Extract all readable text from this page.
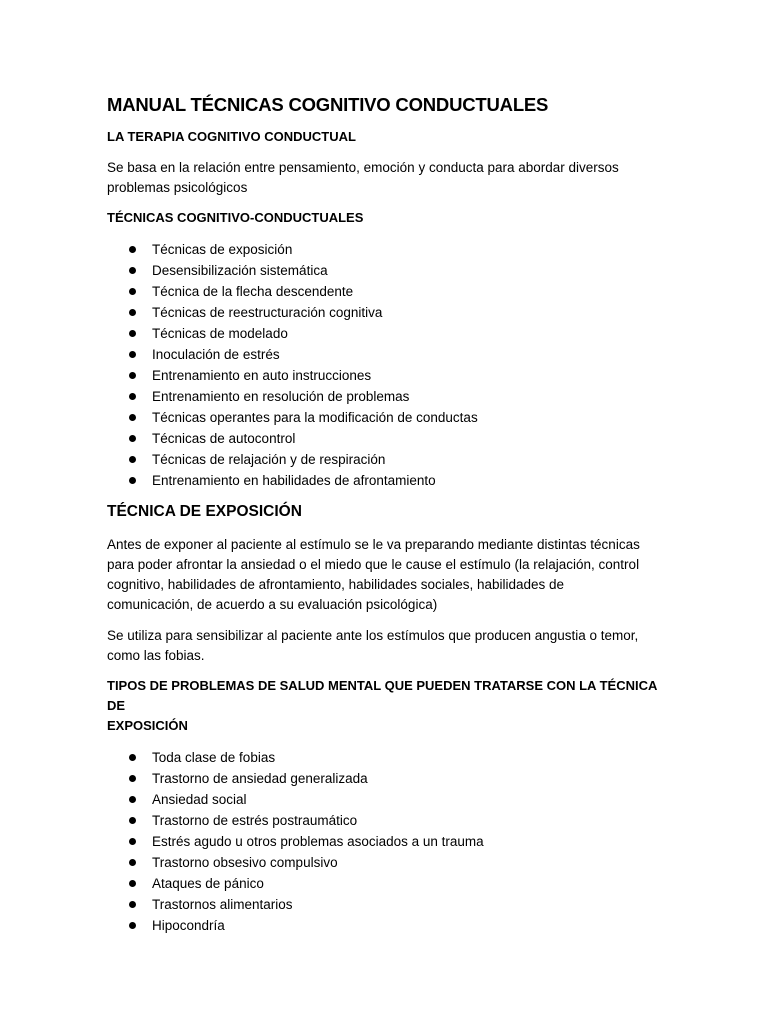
MANUAL TÉCNICAS COGNITIVO CONDUCTUALES
LA TERAPIA COGNITIVO CONDUCTUAL

Se basa en la relación entre pensamiento, emoción y conducta para abordar diversos

problemas psicológicos

TÉCNICAS COGNITIVO-CONDUCTUALES
Técnicas de exposición
Desensibilización sistemática
Técnica de la flecha descendente
Técnicas de reestructuración cognitiva
Técnicas de modelado
Inoculación de estrés
Entrenamiento en auto instrucciones
Entrenamiento en resolución de problemas
Técnicas operantes para la modificación de conductas
Técnicas de autocontrol
Técnicas de relajación y de respiración
Entrenamiento en habilidades de afrontamiento
TÉCNICA DE EXPOSICIÓN

Antes de exponer al paciente al estímulo se le va preparando mediante distintas técnicas

para poder afrontar la ansiedad o el miedo que le cause el estímulo (la relajación, control

cognitivo, habilidades de afrontamiento, habilidades sociales, habilidades de

comunicación, de acuerdo a su evaluación psicológica)

Se utiliza para sensibilizar al paciente ante los estímulos que producen angustia o temor,

como las fobias.

TIPOS DE PROBLEMAS DE SALUD MENTAL QUE PUEDEN TRATARSE CON LA TÉCNICA DE

EXPOSICIÓN

Toda clase de fobias
Trastorno de ansiedad generalizada
Ansiedad social
Trastorno de estrés postraumático
Estrés agudo u otros problemas asociados a un trauma
Trastorno obsesivo compulsivo
Ataques de pánico
Trastornos alimentarios
Hipocondría
